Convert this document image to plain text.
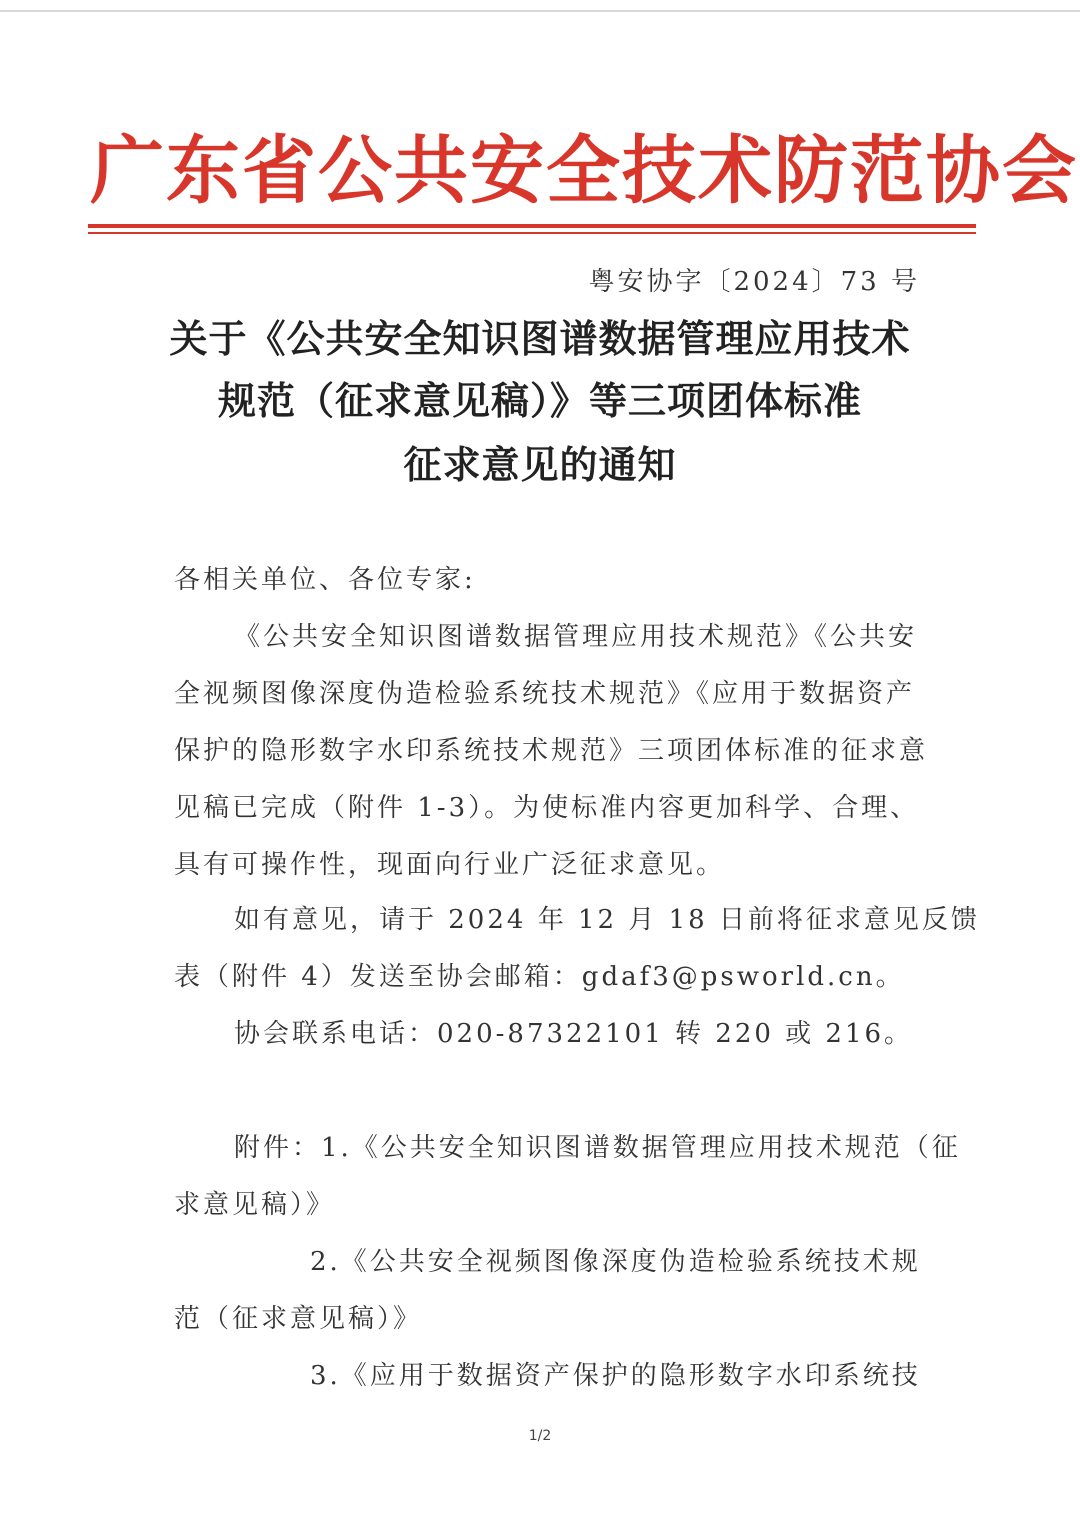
广东省公共安全技术防范协会
粤安协字〔2024〕73 号
关于《公共安全知识图谱数据管理应用技术
规范（征求意见稿）》等三项团体标准
征求意见的通知
各相关单位、各位专家:
《公共安全知识图谱数据管理应用技术规范》《公共安
全视频图像深度伪造检验系统技术规范》《应用于数据资产
保护的隐形数字水印系统技术规范》三项团体标准的征求意
见稿已完成（附件 1-3）。为使标准内容更加科学、合理、
具有可操作性，现面向行业广泛征求意见。
如有意见，请于 2024 年 12 月 18 日前将征求意见反馈
表（附件 4）发送至协会邮箱：gdaf3@psworld.cn。
协会联系电话：020-87322101 转 220 或 216。
附件：1.《公共安全知识图谱数据管理应用技术规范（征
求意见稿）》
2.《公共安全视频图像深度伪造检验系统技术规
范（征求意见稿）》
3.《应用于数据资产保护的隐形数字水印系统技
1/2
